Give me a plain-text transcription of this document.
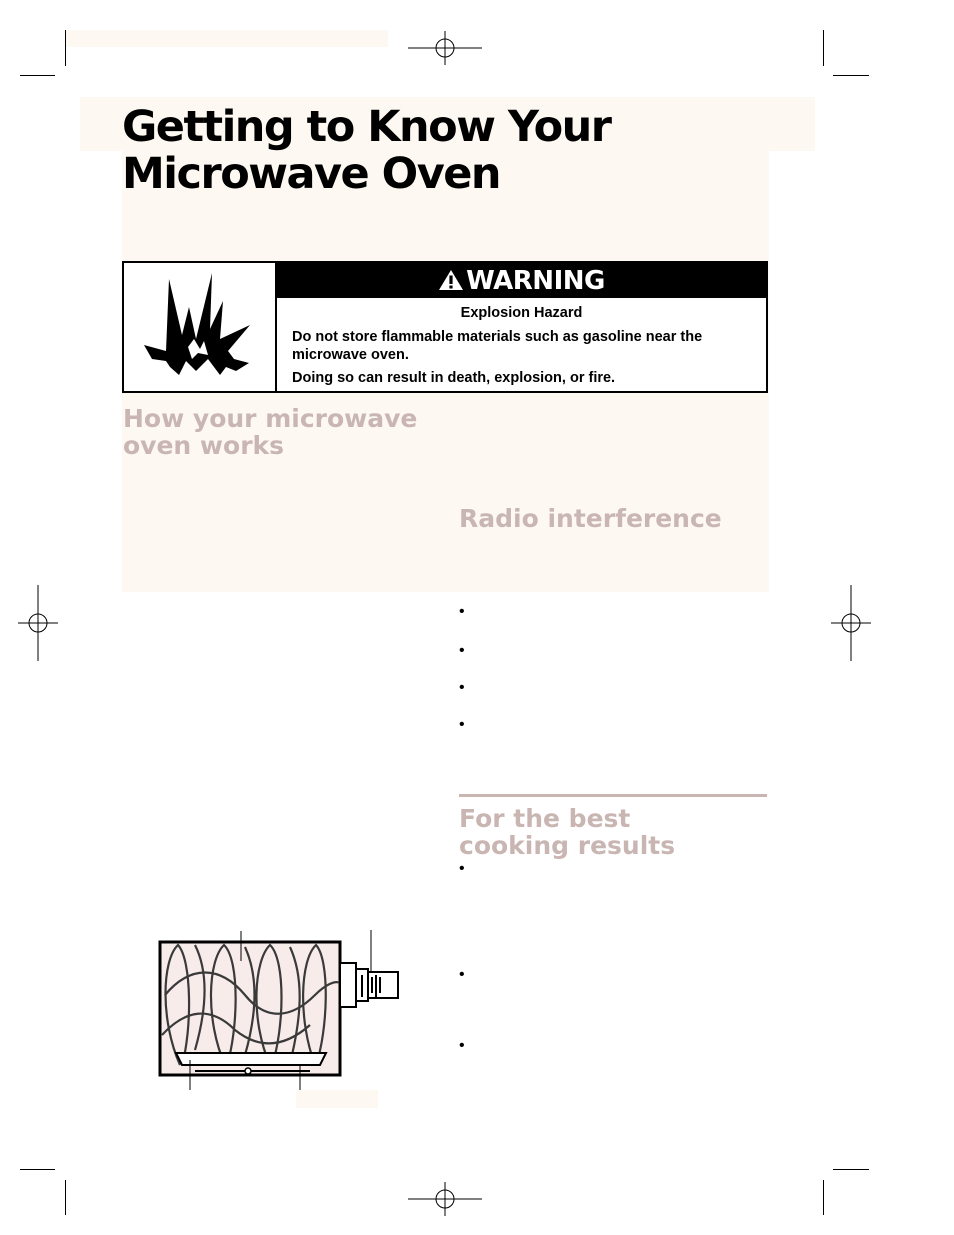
Getting to Know Your
Microwave Oven
WARNING
Explosion Hazard
Do not store flammable materials such as gasoline near the microwave oven.
Doing so can result in death, explosion, or fire.
How your microwave
oven works
Radio interference
•
•
•
•
For the best
cooking results
•
•
•
